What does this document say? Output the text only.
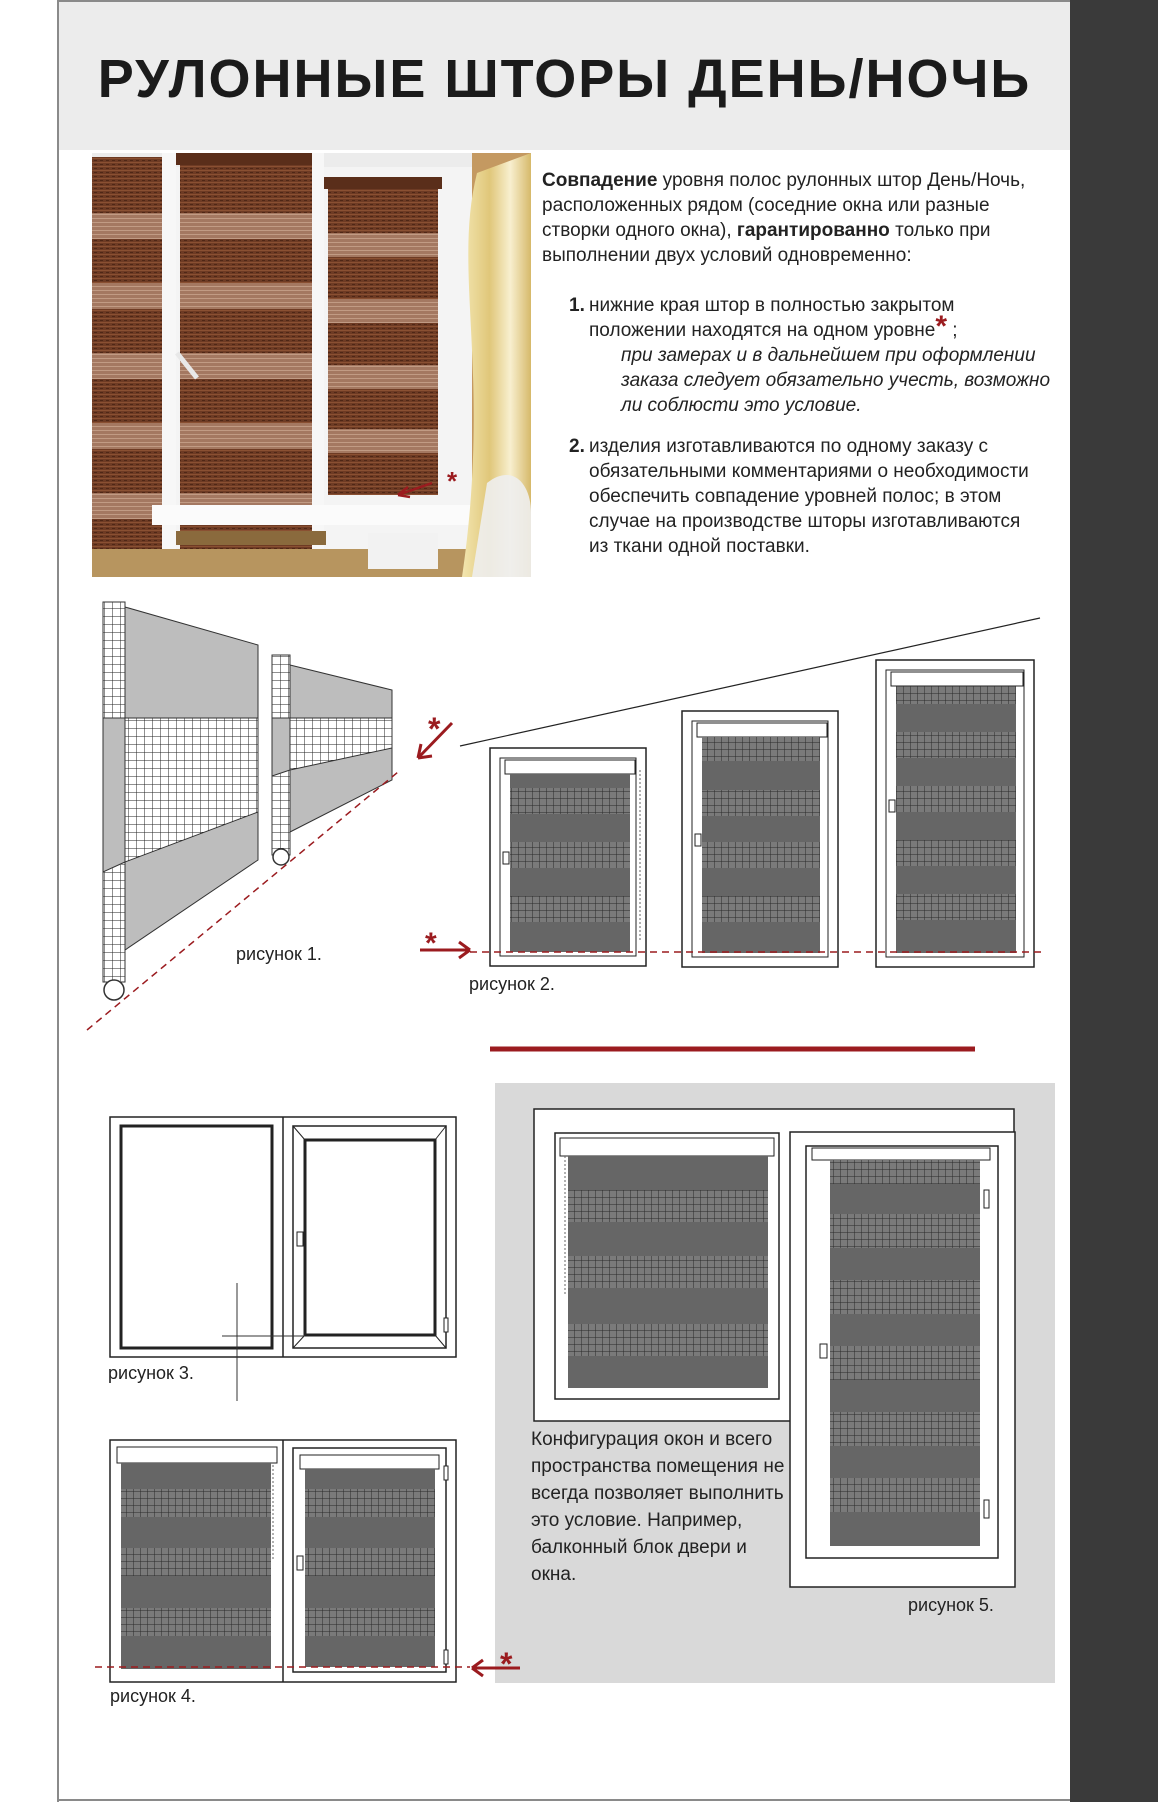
РУЛОННЫЕ ШТОРЫ ДЕНЬ/НОЧЬ
*

Совпадение уровня полос рулонных штор День/Ночь, расположенных рядом (соседние окна или разные створки одного окна), гарантированно только при выполнении двух условий одновременно:

1. нижние края штор в полностью закрытом положении находятся на одном уровне* ;
при замерах и в дальнейшем при оформлении заказа следует обязательно учесть, возможно ли соблюсти это условие.
2. изделия изготавливаются по одному заказу с обязательными комментариями о необходимости обеспечить совпадение уровней полос; в этом случае на производстве шторы изготавливаются из ткани одной поставки.
*
рисунок 1.	*
рисунок 2.
рисунок 5.
рисунок 3.
*
рисунок 4.

Конфигурация окон и всего пространства помещения не всегда позволяет выполнить это условие. Например, балконный блок двери и окна.
